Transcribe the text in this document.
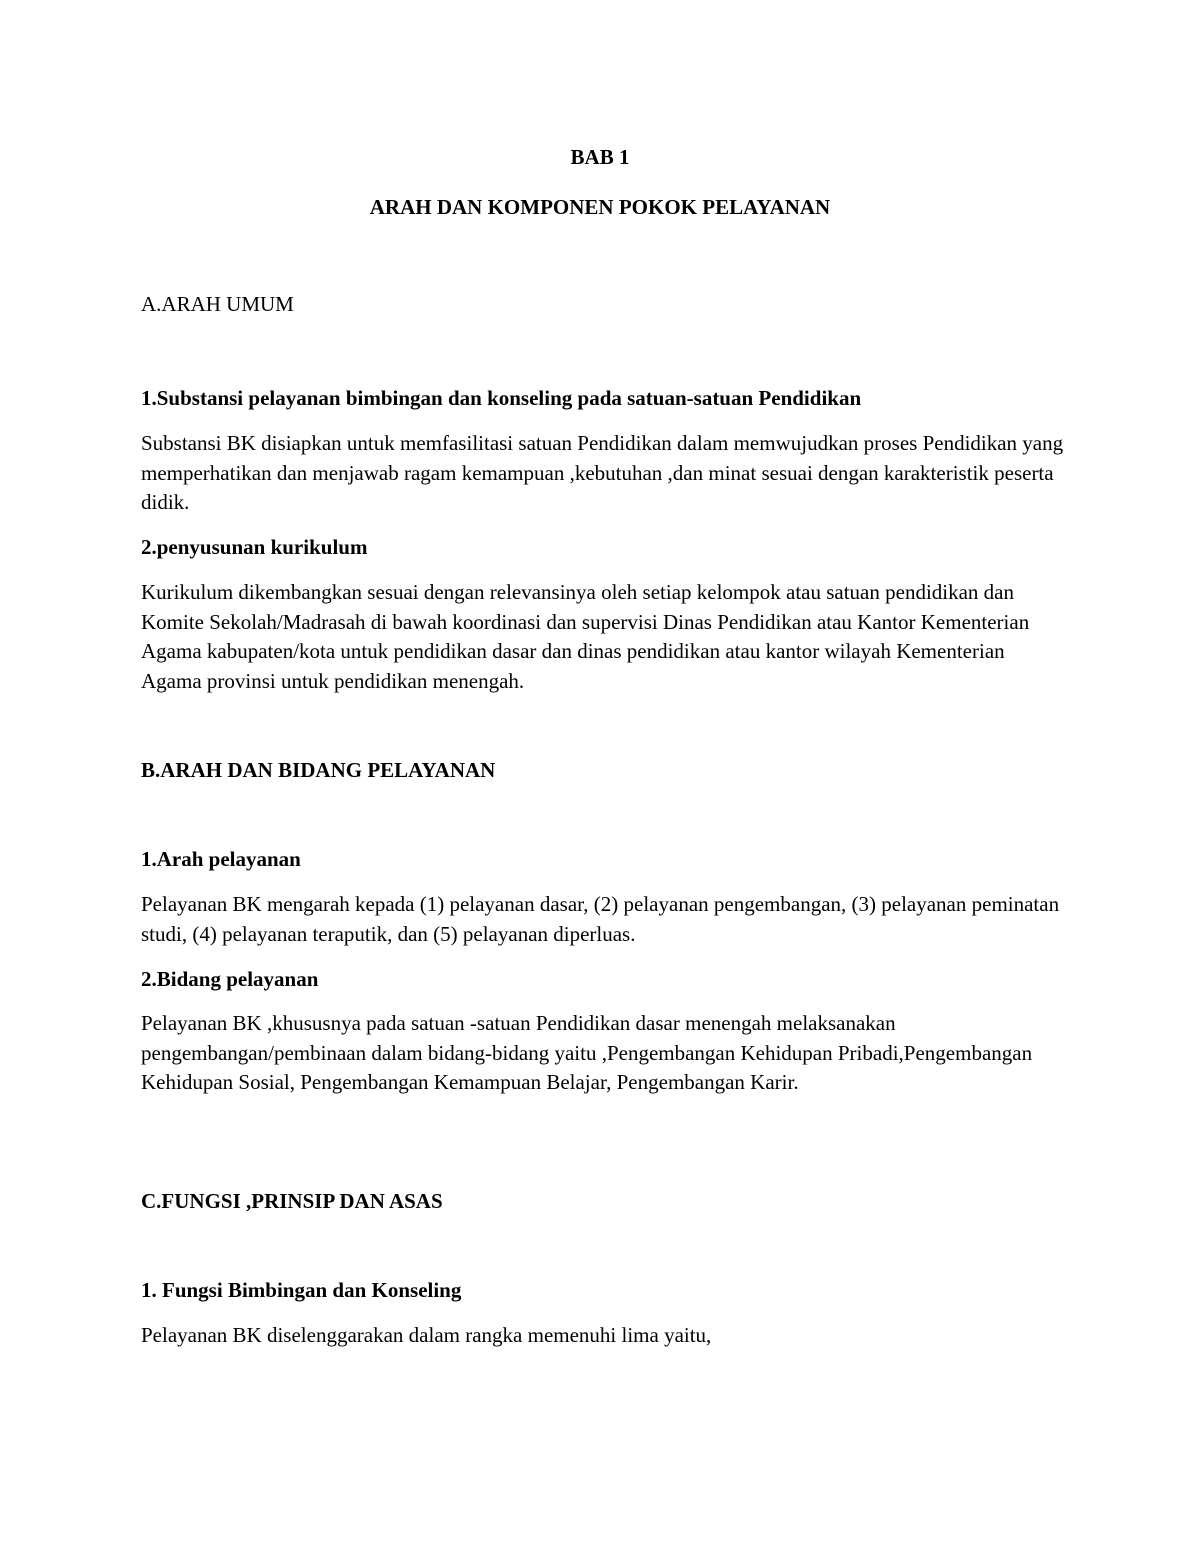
BAB 1

ARAH DAN KOMPONEN POKOK PELAYANAN

A.ARAH UMUM

1.Substansi pelayanan bimbingan dan konseling pada satuan-satuan Pendidikan

Substansi BK disiapkan untuk memfasilitasi satuan Pendidikan dalam memwujudkan proses Pendidikan yang memperhatikan dan menjawab ragam kemampuan ,kebutuhan ,dan minat sesuai dengan karakteristik peserta didik.

2.penyusunan kurikulum

Kurikulum dikembangkan sesuai dengan relevansinya oleh setiap kelompok atau satuan pendidikan dan Komite Sekolah/Madrasah di bawah koordinasi dan supervisi Dinas Pendidikan atau Kantor Kementerian Agama kabupaten/kota untuk pendidikan dasar dan dinas pendidikan atau kantor wilayah Kementerian Agama provinsi untuk pendidikan menengah.

B.ARAH DAN BIDANG PELAYANAN

1.Arah pelayanan

Pelayanan BK mengarah kepada (1) pelayanan dasar, (2) pelayanan pengembangan, (3) pelayanan peminatan studi, (4) pelayanan teraputik, dan (5) pelayanan diperluas.

2.Bidang pelayanan

Pelayanan BK ,khususnya pada satuan -satuan Pendidikan dasar menengah melaksanakan pengembangan/pembinaan dalam bidang-bidang yaitu ,Pengembangan Kehidupan Pribadi,Pengembangan Kehidupan Sosial, Pengembangan Kemampuan Belajar, Pengembangan Karir.

C.FUNGSI ,PRINSIP DAN ASAS

1. Fungsi Bimbingan dan Konseling

Pelayanan BK diselenggarakan dalam rangka memenuhi lima yaitu,
